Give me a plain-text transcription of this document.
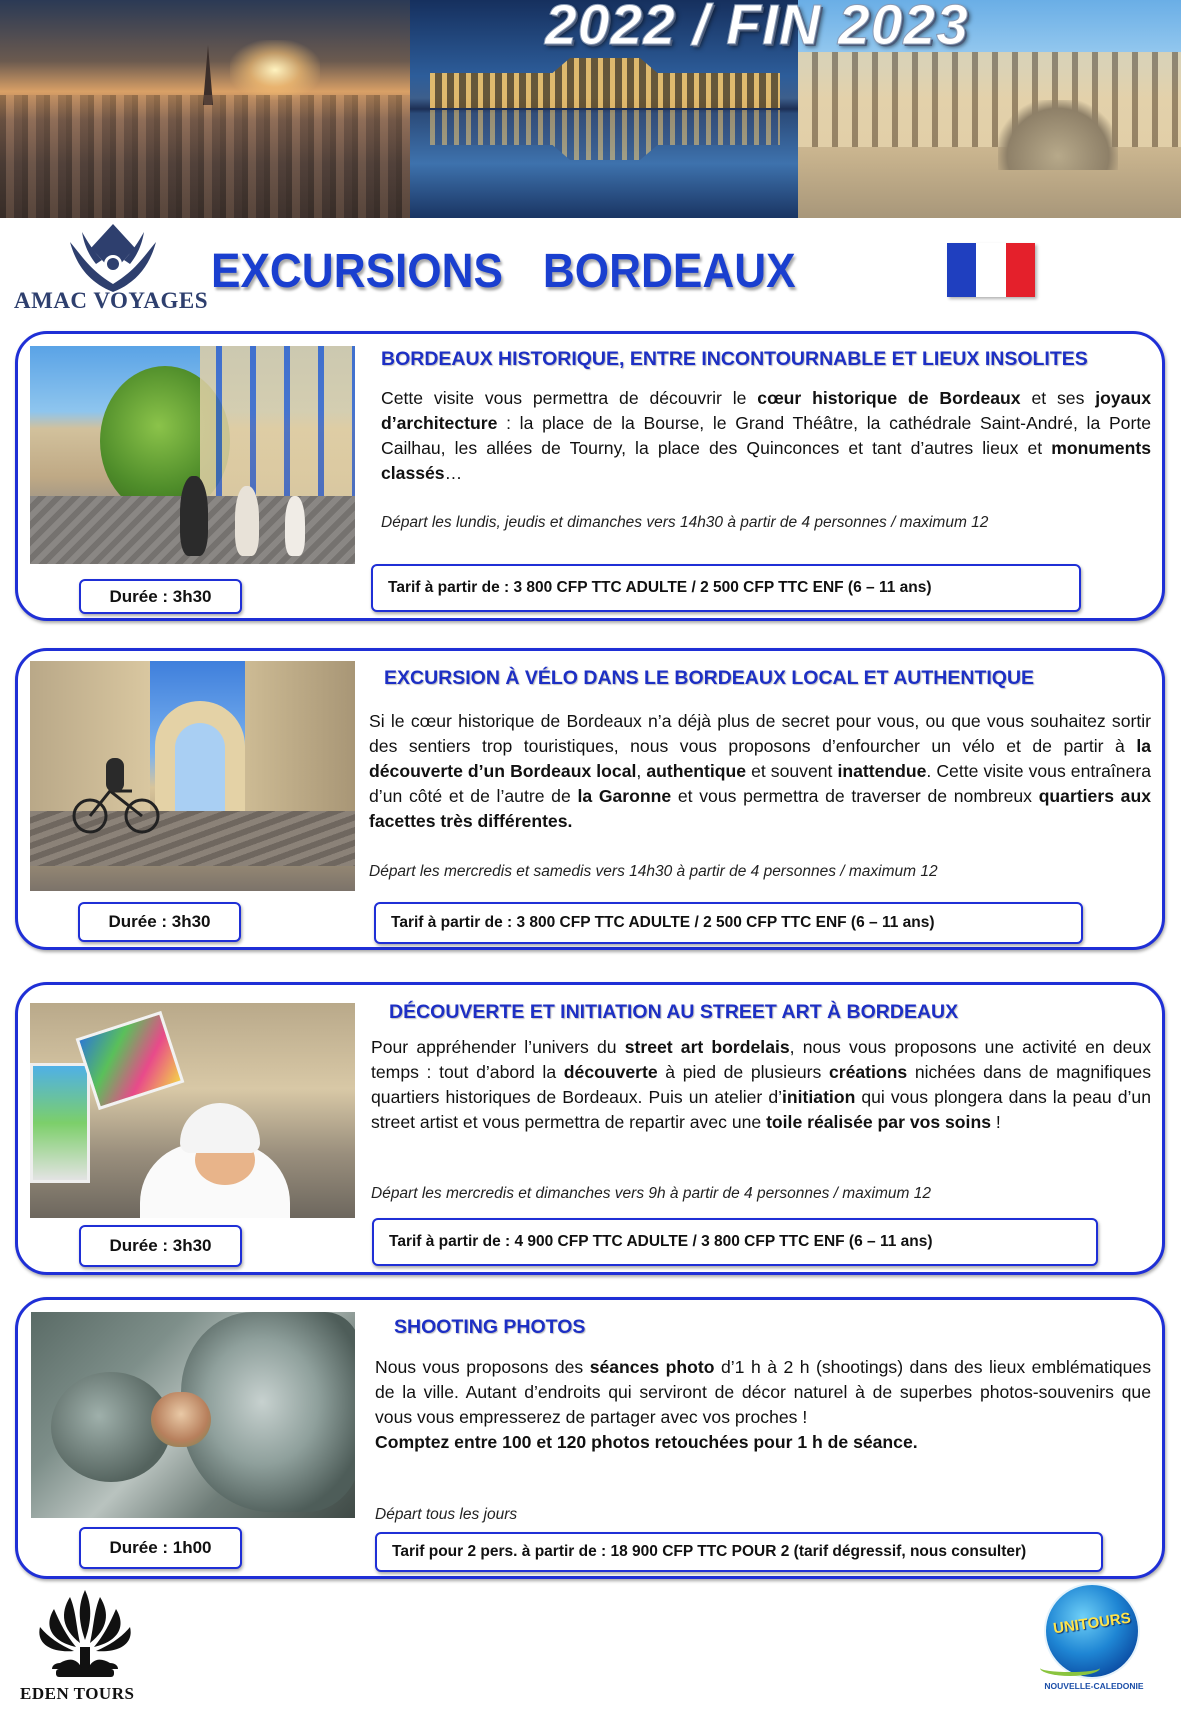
2022 / FIN 2023
AMAC VOYAGES
EXCURSIONS BORDEAUX
BORDEAUX HISTORIQUE, ENTRE INCONTOURNABLE ET LIEUX INSOLITES
Cette visite vous permettra de découvrir le cœur historique de Bordeaux et ses joyaux d’architecture : la place de la Bourse, le Grand Théâtre, la cathédrale Saint-André, la Porte Cailhau, les allées de Tourny, la place des Quinconces et tant d’autres lieux et monuments classés…
Départ les lundis, jeudis et dimanches vers 14h30 à partir de 4 personnes / maximum 12
Durée : 3h30	Tarif à partir de : 3 800 CFP TTC ADULTE / 2 500 CFP TTC ENF (6 – 11 ans)
EXCURSION À VÉLO DANS LE BORDEAUX LOCAL ET AUTHENTIQUE
Si le cœur historique de Bordeaux n’a déjà plus de secret pour vous, ou que vous souhaitez sortir des sentiers trop touristiques, nous vous proposons d’enfourcher un vélo et de partir à la découverte d’un Bordeaux local, authentique et souvent inattendue. Cette visite vous entraînera d’un côté et de l’autre de la Garonne et vous permettra de traverser de nombreux quartiers aux facettes très différentes.
Départ les mercredis et samedis vers 14h30 à partir de 4 personnes / maximum 12
Durée : 3h30	Tarif à partir de : 3 800 CFP TTC ADULTE / 2 500 CFP TTC ENF (6 – 11 ans)
DÉCOUVERTE ET INITIATION AU STREET ART À BORDEAUX
Pour appréhender l’univers du street art bordelais, nous vous proposons une activité en deux temps : tout d’abord la découverte à pied de plusieurs créations nichées dans de magnifiques quartiers historiques de Bordeaux. Puis un atelier d’initiation qui vous plongera dans la peau d’un street artist et vous permettra de repartir avec une toile réalisée par vos soins !
Départ les mercredis et dimanches vers 9h à partir de 4 personnes / maximum 12
Durée : 3h30	Tarif à partir de : 4 900 CFP TTC ADULTE / 3 800 CFP TTC ENF (6 – 11 ans)
SHOOTING PHOTOS
Nous vous proposons des séances photo d’1 h à 2 h (shootings) dans des lieux emblématiques de la ville. Autant d’endroits qui serviront de décor naturel à de superbes photos-souvenirs que vous vous empresserez de partager avec vos proches !
Comptez entre 100 et 120 photos retouchées pour 1 h de séance.
Départ tous les jours
Durée : 1h00	Tarif pour 2 pers. à partir de : 18 900 CFP TTC POUR 2 (tarif dégressif, nous consulter)
EDEN TOURS
UNITOURS
NOUVELLE-CALEDONIE
